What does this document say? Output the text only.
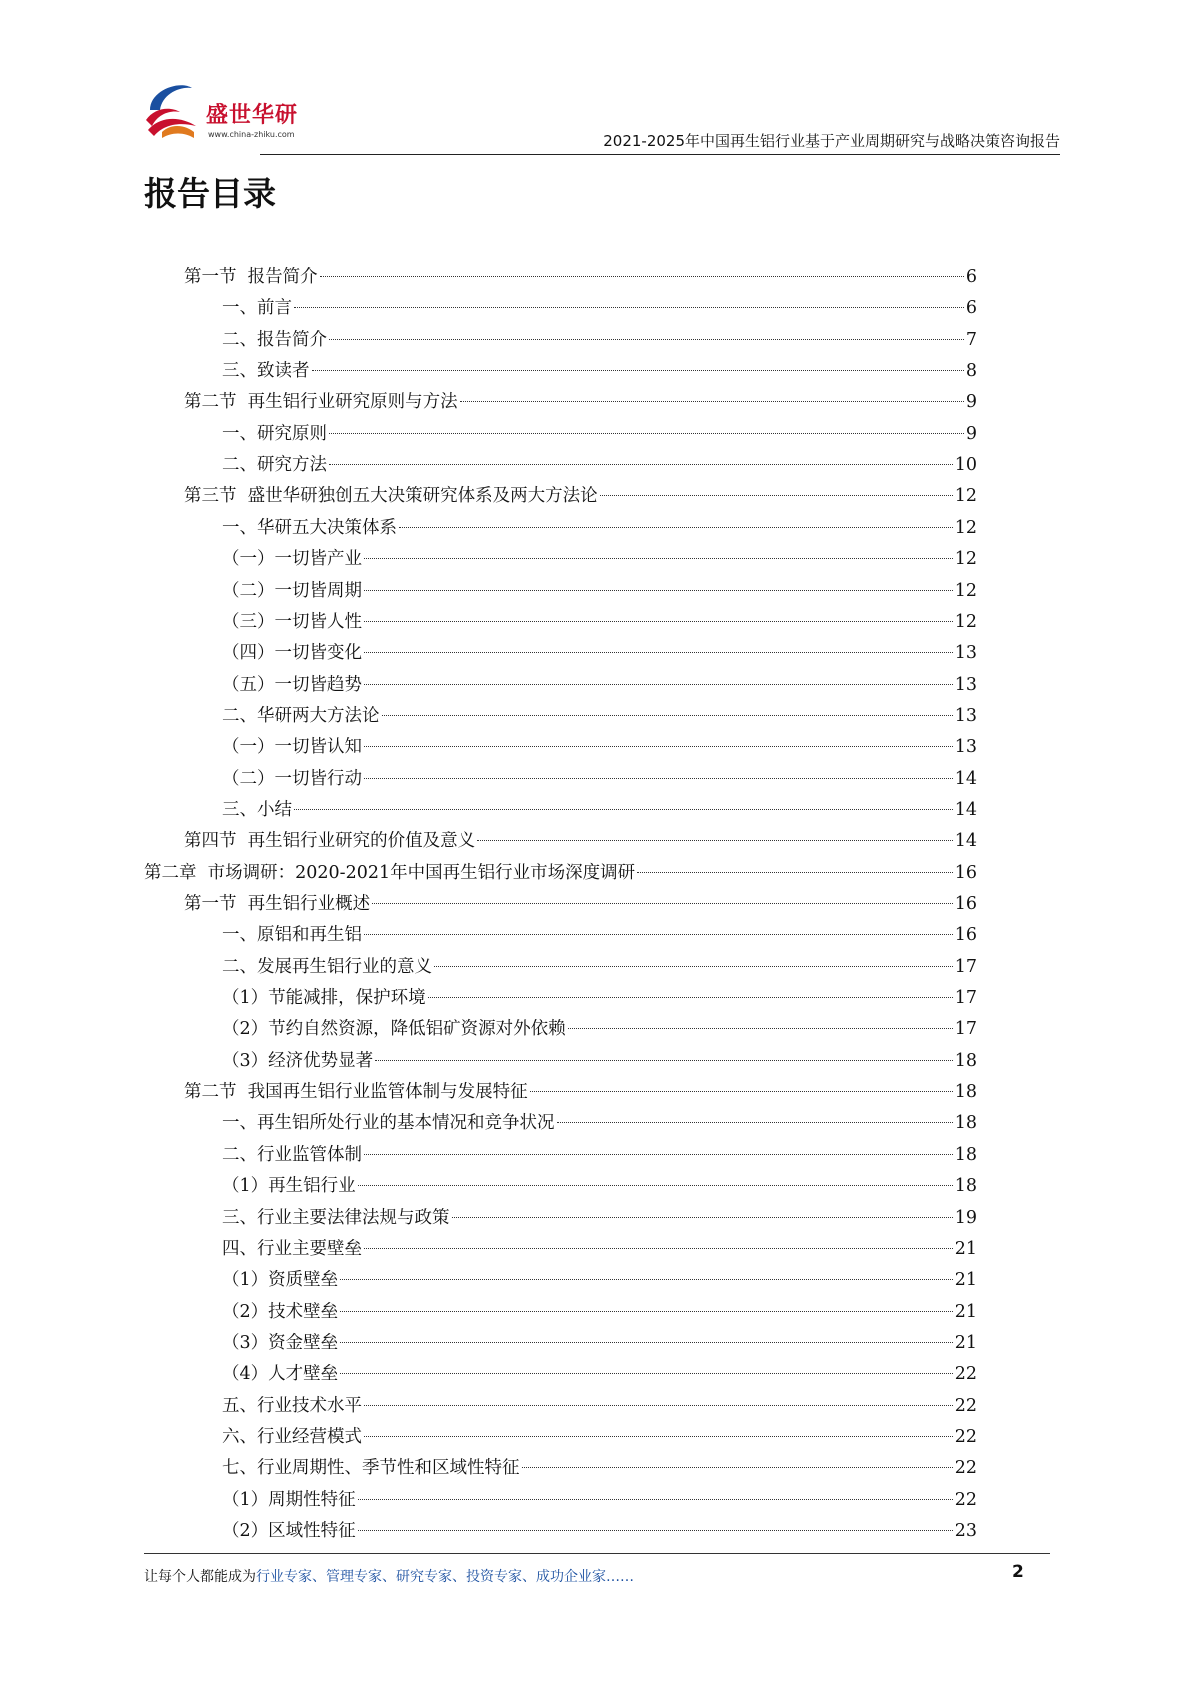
盛世华研
www.china-zhiku.com	2021-2025年中国再生铝行业基于产业周期研究与战略决策咨询报告
报告目录
第一节  报告简介	6
一、前言	6
二、报告简介	7
三、致读者	8
第二节  再生铝行业研究原则与方法	9
一、研究原则	9
二、研究方法	10
第三节  盛世华研独创五大决策研究体系及两大方法论	12
一、华研五大决策体系	12
（一）一切皆产业	12
（二）一切皆周期	12
（三）一切皆人性	12
（四）一切皆变化	13
（五）一切皆趋势	13
二、华研两大方法论	13
（一）一切皆认知	13
（二）一切皆行动	14
三、小结	14
第四节  再生铝行业研究的价值及意义	14
第二章  市场调研：2020-2021年中国再生铝行业市场深度调研	16
第一节  再生铝行业概述	16
一、原铝和再生铝	16
二、发展再生铝行业的意义	17
（1）节能减排，保护环境	17
（2）节约自然资源，降低铝矿资源对外依赖	17
（3）经济优势显著	18
第二节  我国再生铝行业监管体制与发展特征	18
一、再生铝所处行业的基本情况和竞争状况	18
二、行业监管体制	18
（1）再生铝行业	18
三、行业主要法律法规与政策	19
四、行业主要壁垒	21
（1）资质壁垒	21
（2）技术壁垒	21
（3）资金壁垒	21
（4）人才壁垒	22
五、行业技术水平	22
六、行业经营模式	22
七、行业周期性、季节性和区域性特征	22
（1）周期性特征	22
（2）区域性特征	23
让每个人都能成为行业专家、管理专家、研究专家、投资专家、成功企业家……	2
